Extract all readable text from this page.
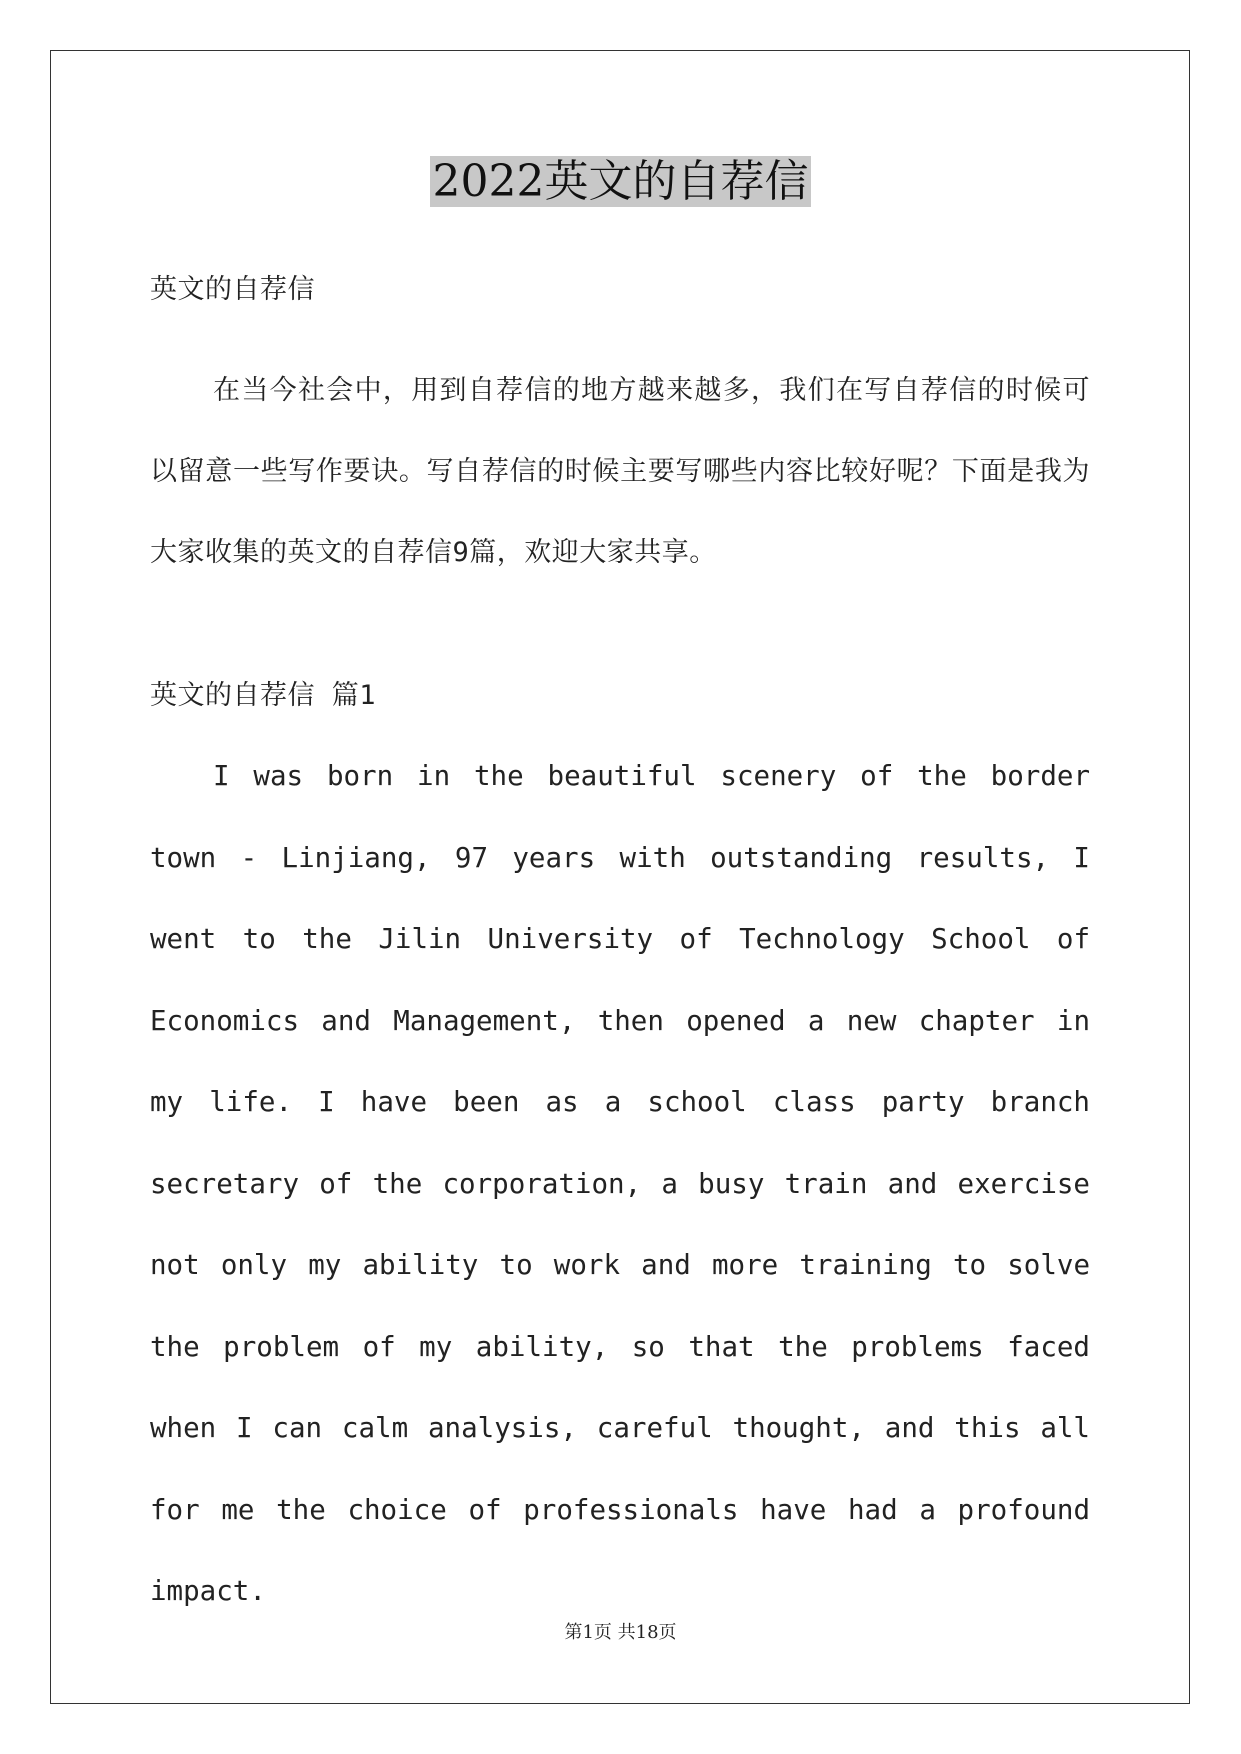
2022英文的自荐信

英文的自荐信

在当今社会中，用到自荐信的地方越来越多，我们在写自荐信的时候可以留意一些写作要诀。写自荐信的时候主要写哪些内容比较好呢？下面是我为大家收集的英文的自荐信9篇，欢迎大家共享。

英文的自荐信 篇1

I was born in the beautiful scenery of the border town - Linjiang, 97 years with outstanding results, I went to the Jilin University of Technology School of Economics and Management, then opened a new chapter in my life. I have been as a school class party branch secretary of the corporation, a busy train and exercise not only my ability to work and more training to solve the problem of my ability, so that the problems faced when I can calm analysis, careful thought, and this all for me the choice of professionals have had a profound impact.

第1页 共18页
